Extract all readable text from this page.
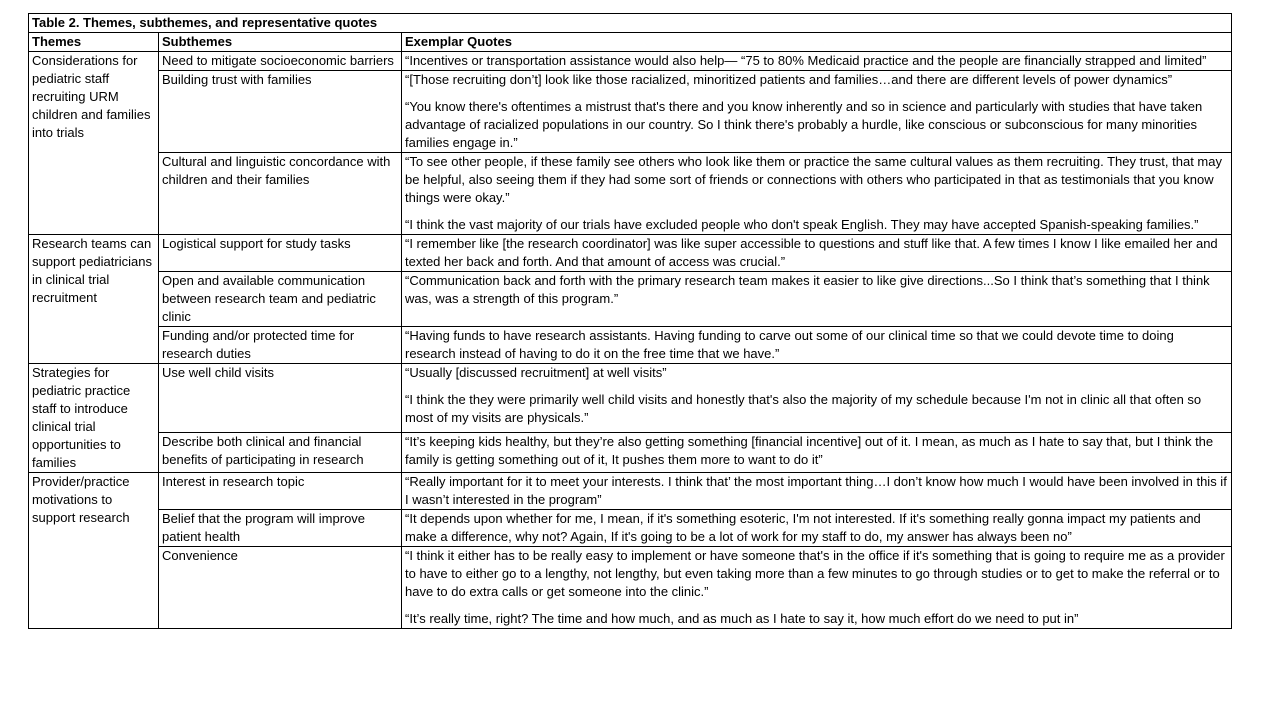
Table 2. Themes, subthemes, and representative quotes		
Themes	Subthemes	Exemplar Quotes
Considerations for pediatric staff recruiting URM children and families into trials	Need to mitigate socioeconomic barriers	“Incentives or transportation assistance would also help— “75 to 80% Medicaid practice and the people are financially strapped and limited”

	Building trust with families	“[Those recruiting don’t] look like those racialized, minoritized patients and families…and there are different levels of power dynamics”
“You know there's oftentimes a mistrust that's there and you know inherently and so in science and particularly with studies that have taken advantage of racialized populations in our country. So I think there's probably a hurdle, like conscious or subconscious for many minorities families engage in.”

	Cultural and linguistic concordance with children and their families	“To see other people, if these family see others who look like them or practice the same cultural values as them recruiting. They trust, that may be helpful, also seeing them if they had some sort of friends or connections with others who participated in that as testimonials that you know things were okay.”
“I think the vast majority of our trials have excluded people who don't speak English. They may have accepted Spanish-speaking families.”

Research teams can support pediatricians in clinical trial recruitment	Logistical support for study tasks	“I remember like [the research coordinator] was like super accessible to questions and stuff like that. A few times I know I like emailed her and texted her back and forth. And that amount of access was crucial.”

	Open and available communication between research team and pediatric clinic	“Communication back and forth with the primary research team makes it easier to like give directions...So I think that’s something that I think was, was a strength of this program.”

	Funding and/or protected time for research duties	“Having funds to have research assistants. Having funding to carve out some of our clinical time so that we could devote time to doing research instead of having to do it on the free time that we have.”

Strategies for pediatric practice staff to introduce clinical trial opportunities to families	Use well child visits	“Usually [discussed recruitment] at well visits”
“I think the they were primarily well child visits and honestly that's also the majority of my schedule because I'm not in clinic all that often so most of my visits are physicals.”

	Describe both clinical and financial benefits of participating in research	“It’s keeping kids healthy, but they’re also getting something [financial incentive] out of it. I mean, as much as I hate to say that, but I think the family is getting something out of it, It pushes them more to want to do it”

Provider/practice motivations to support research	Interest in research topic	“Really important for it to meet your interests. I think that’ the most important thing…I don’t know how much I would have been involved in this if I wasn’t interested in the program”

	Belief that the program will improve patient health	“It depends upon whether for me, I mean, if it's something esoteric, I'm not interested. If it's something really gonna impact my patients and make a difference, why not? Again, If it's going to be a lot of work for my staff to do, my answer has always been no”

	Convenience	“I think it either has to be really easy to implement or have someone that's in the office if it's something that is going to require me as a provider to have to either go to a lengthy, not lengthy, but even taking more than a few minutes to go through studies or to get to make the referral or to have to do extra calls or get someone into the clinic.”
“It’s really time, right? The time and how much, and as much as I hate to say it, how much effort do we need to put in”
